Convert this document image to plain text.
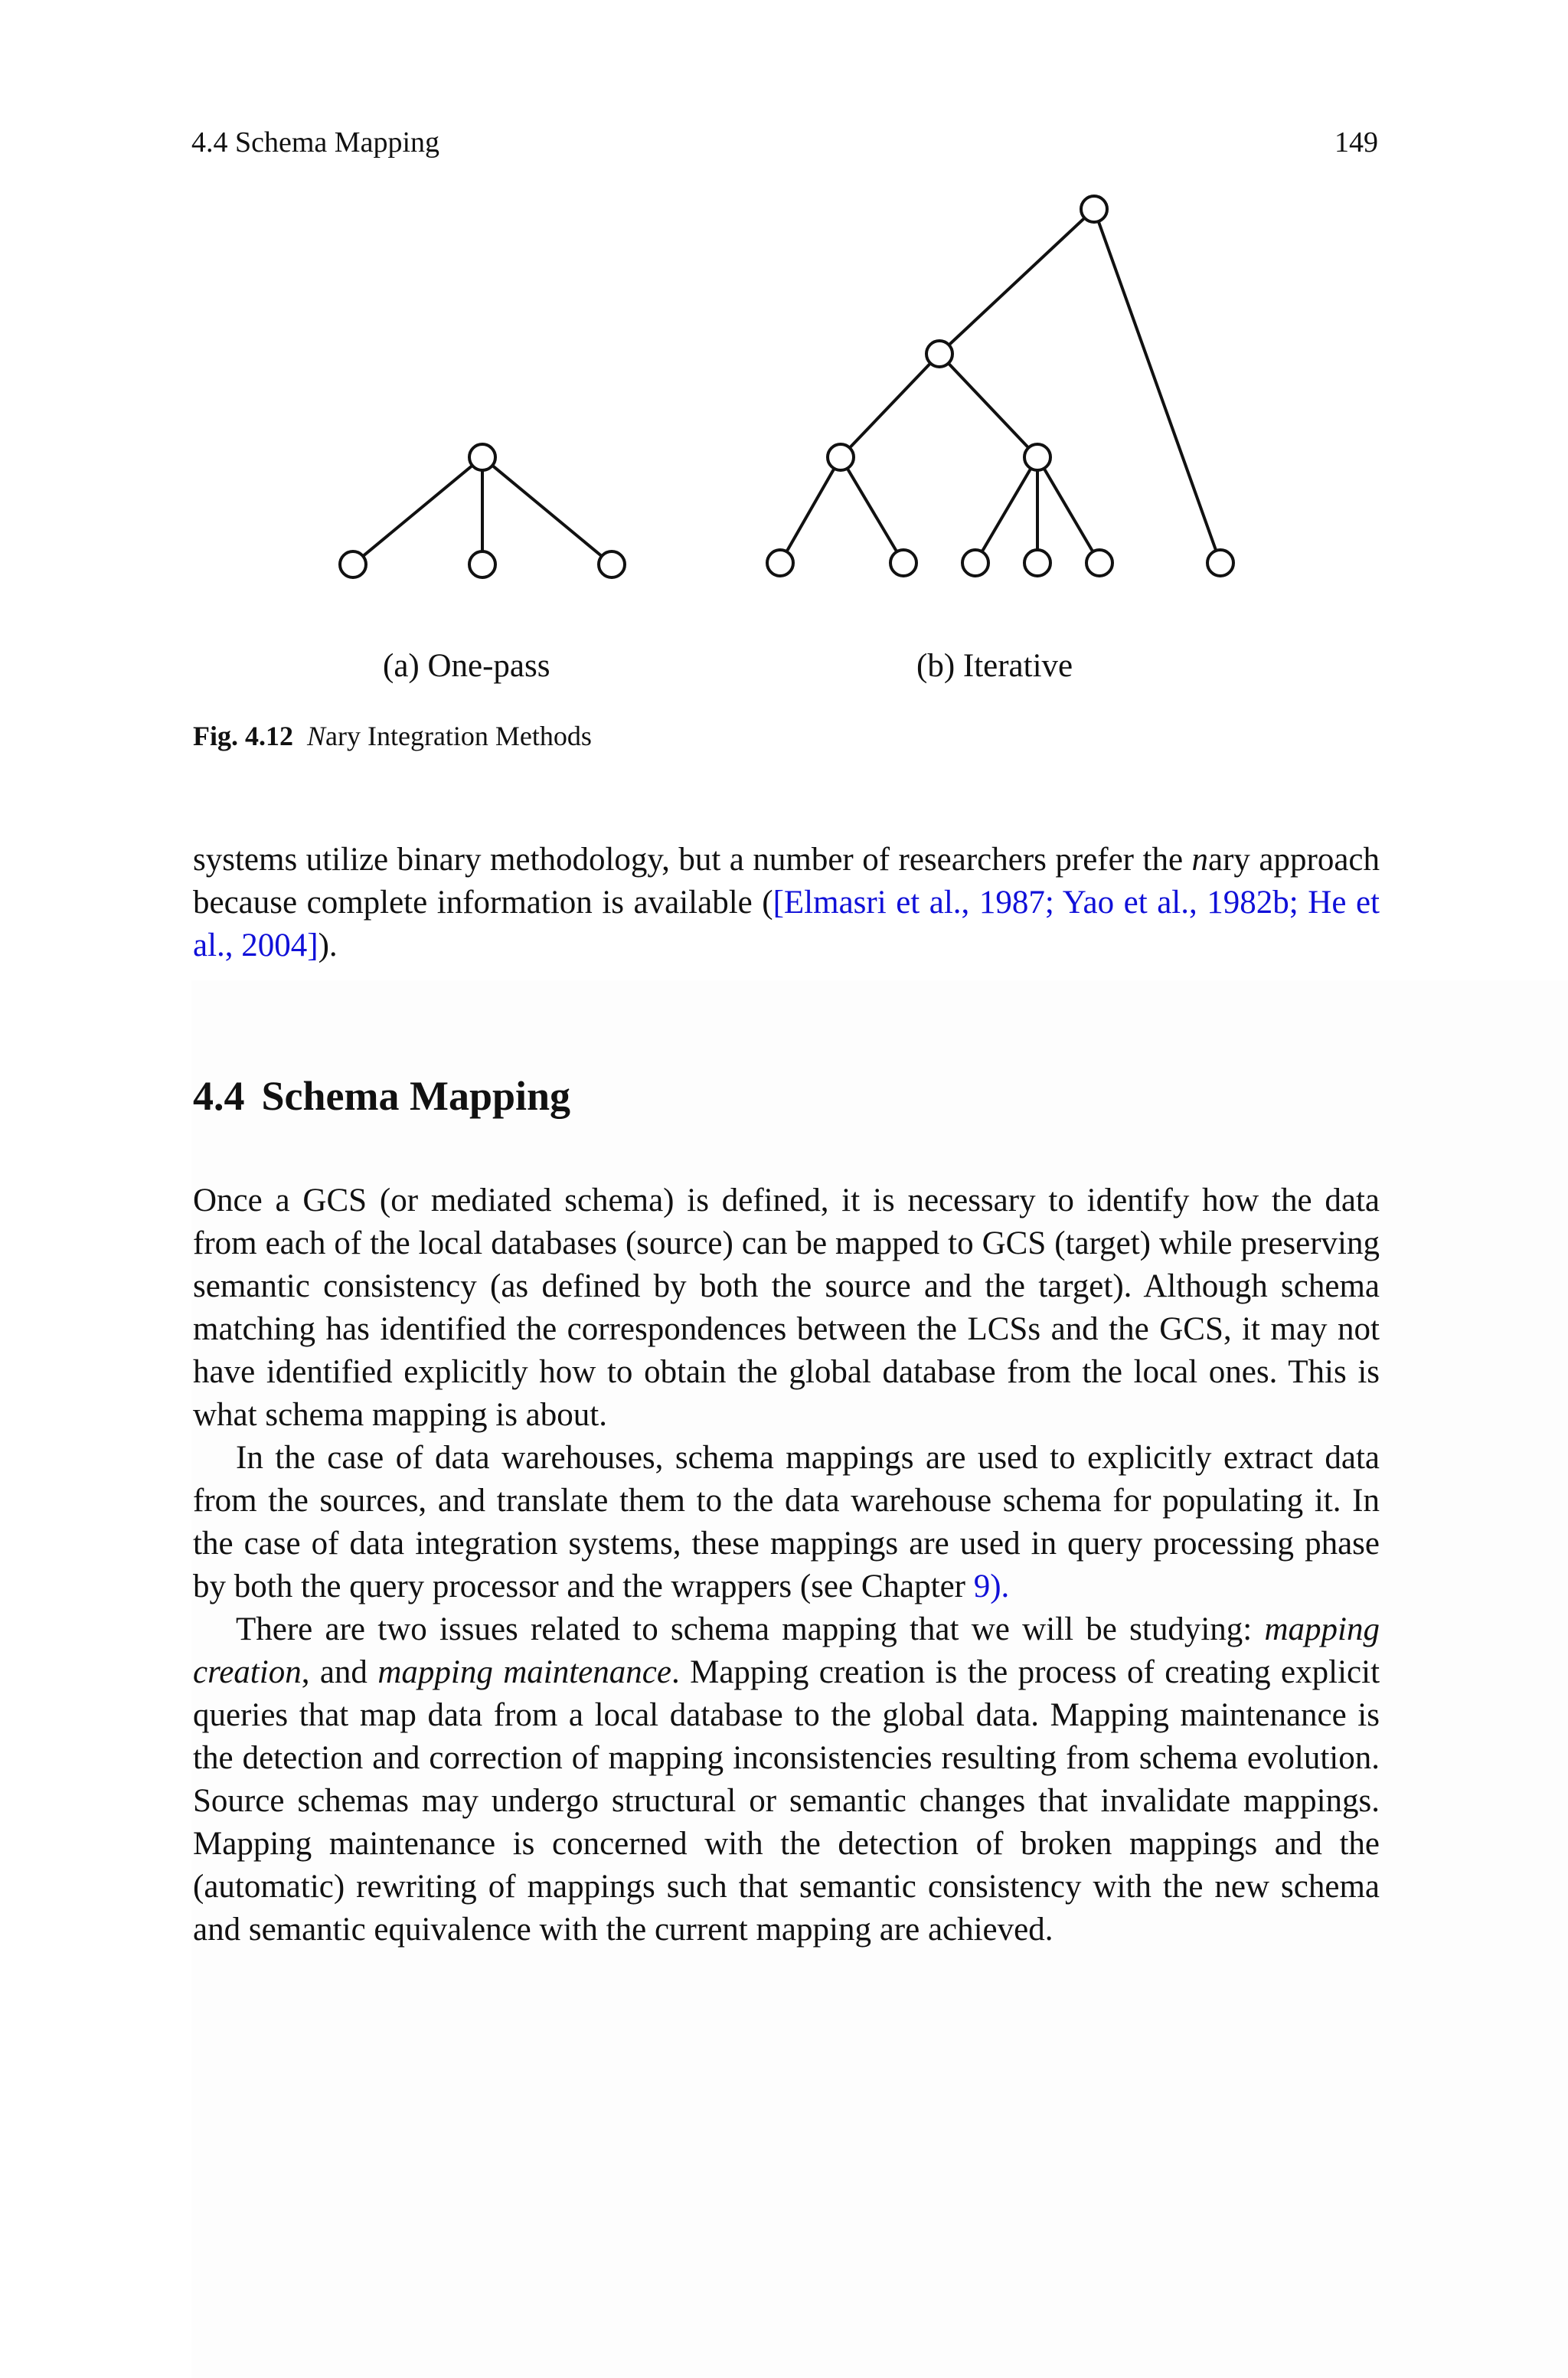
4.4 Schema Mapping	149
(a) One-pass	(b) Iterative
Fig. 4.12 Nary Integration Methods
systems utilize binary methodology, but a number of researchers prefer the nary approach because complete information is available ([Elmasri et al., 1987; Yao et al., 1982b; He et al., 2004]).
4.4 Schema Mapping

Once a GCS (or mediated schema) is defined, it is necessary to identify how the data from each of the local databases (source) can be mapped to GCS (target) while preserving semantic consistency (as defined by both the source and the target). Although schema matching has identified the correspondences between the LCSs and the GCS, it may not have identified explicitly how to obtain the global database from the local ones. This is what schema mapping is about.

In the case of data warehouses, schema mappings are used to explicitly extract data from the sources, and translate them to the data warehouse schema for populating it. In the case of data integration systems, these mappings are used in query processing phase by both the query processor and the wrappers (see Chapter 9).

There are two issues related to schema mapping that we will be studying: mapping creation, and mapping maintenance. Mapping creation is the process of creating explicit queries that map data from a local database to the global data. Mapping maintenance is the detection and correction of mapping inconsistencies resulting from schema evolution. Source schemas may undergo structural or semantic changes that invalidate mappings. Mapping maintenance is concerned with the detection of broken mappings and the (automatic) rewriting of mappings such that semantic consistency with the new schema and semantic equivalence with the current mapping are achieved.
